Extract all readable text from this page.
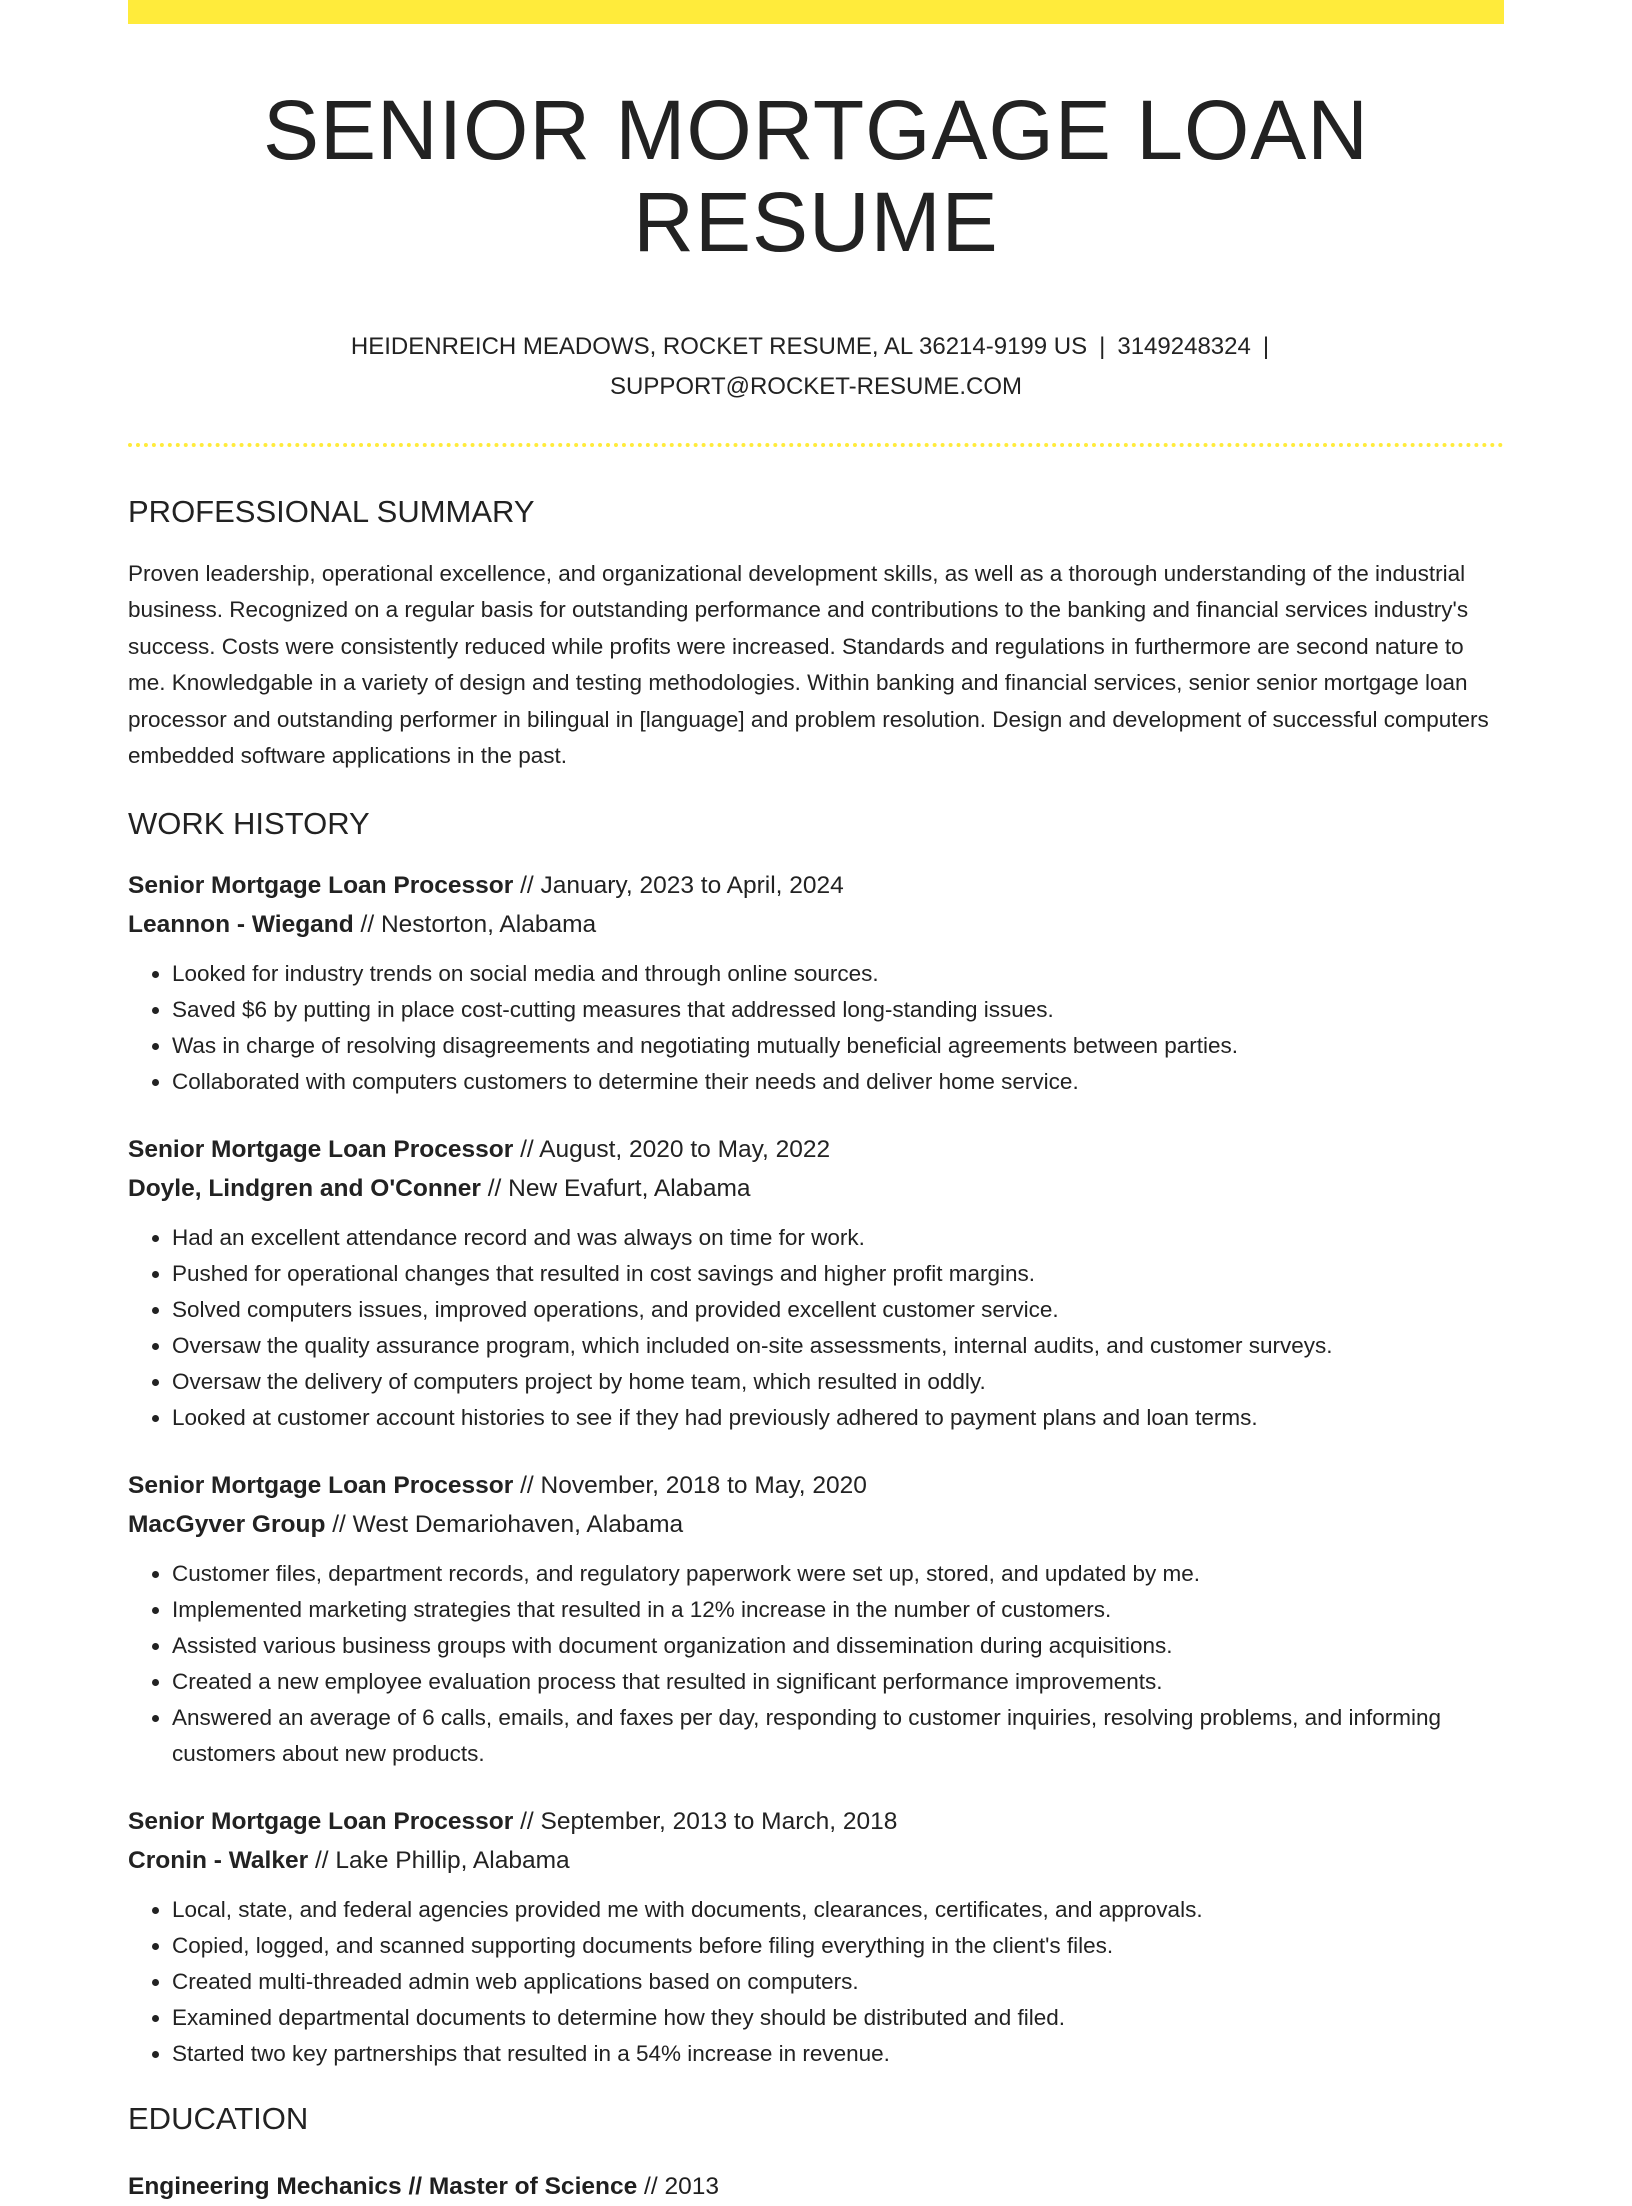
SENIOR MORTGAGE LOAN RESUME
HEIDENREICH MEADOWS, ROCKET RESUME, AL 36214-9199 US | 3149248324 |
SUPPORT@ROCKET-RESUME.COM
PROFESSIONAL SUMMARY

Proven leadership, operational excellence, and organizational development skills, as well as a thorough understanding of the industrial business. Recognized on a regular basis for outstanding performance and contributions to the banking and financial services industry's success. Costs were consistently reduced while profits were increased. Standards and regulations in furthermore are second nature to me. Knowledgable in a variety of design and testing methodologies. Within banking and financial services, senior senior mortgage loan processor and outstanding performer in bilingual in [language] and problem resolution. Design and development of successful computers embedded software applications in the past.

WORK HISTORY
Senior Mortgage Loan Processor // January, 2023 to April, 2024
Leannon - Wiegand // Nestorton, Alabama
• Looked for industry trends on social media and through online sources.
• Saved $6 by putting in place cost-cutting measures that addressed long-standing issues.
• Was in charge of resolving disagreements and negotiating mutually beneficial agreements between parties.
• Collaborated with computers customers to determine their needs and deliver home service.
Senior Mortgage Loan Processor // August, 2020 to May, 2022
Doyle, Lindgren and O'Conner // New Evafurt, Alabama
• Had an excellent attendance record and was always on time for work.
• Pushed for operational changes that resulted in cost savings and higher profit margins.
• Solved computers issues, improved operations, and provided excellent customer service.
• Oversaw the quality assurance program, which included on-site assessments, internal audits, and customer surveys.
• Oversaw the delivery of computers project by home team, which resulted in oddly.
• Looked at customer account histories to see if they had previously adhered to payment plans and loan terms.
Senior Mortgage Loan Processor // November, 2018 to May, 2020
MacGyver Group // West Demariohaven, Alabama
• Customer files, department records, and regulatory paperwork were set up, stored, and updated by me.
• Implemented marketing strategies that resulted in a 12% increase in the number of customers.
• Assisted various business groups with document organization and dissemination during acquisitions.
• Created a new employee evaluation process that resulted in significant performance improvements.
• Answered an average of 6 calls, emails, and faxes per day, responding to customer inquiries, resolving problems, and informing customers about new products.
Senior Mortgage Loan Processor // September, 2013 to March, 2018
Cronin - Walker // Lake Phillip, Alabama
• Local, state, and federal agencies provided me with documents, clearances, certificates, and approvals.
• Copied, logged, and scanned supporting documents before filing everything in the client's files.
• Created multi-threaded admin web applications based on computers.
• Examined departmental documents to determine how they should be distributed and filed.
• Started two key partnerships that resulted in a 54% increase in revenue.
EDUCATION
Engineering Mechanics // Master of Science // 2013
